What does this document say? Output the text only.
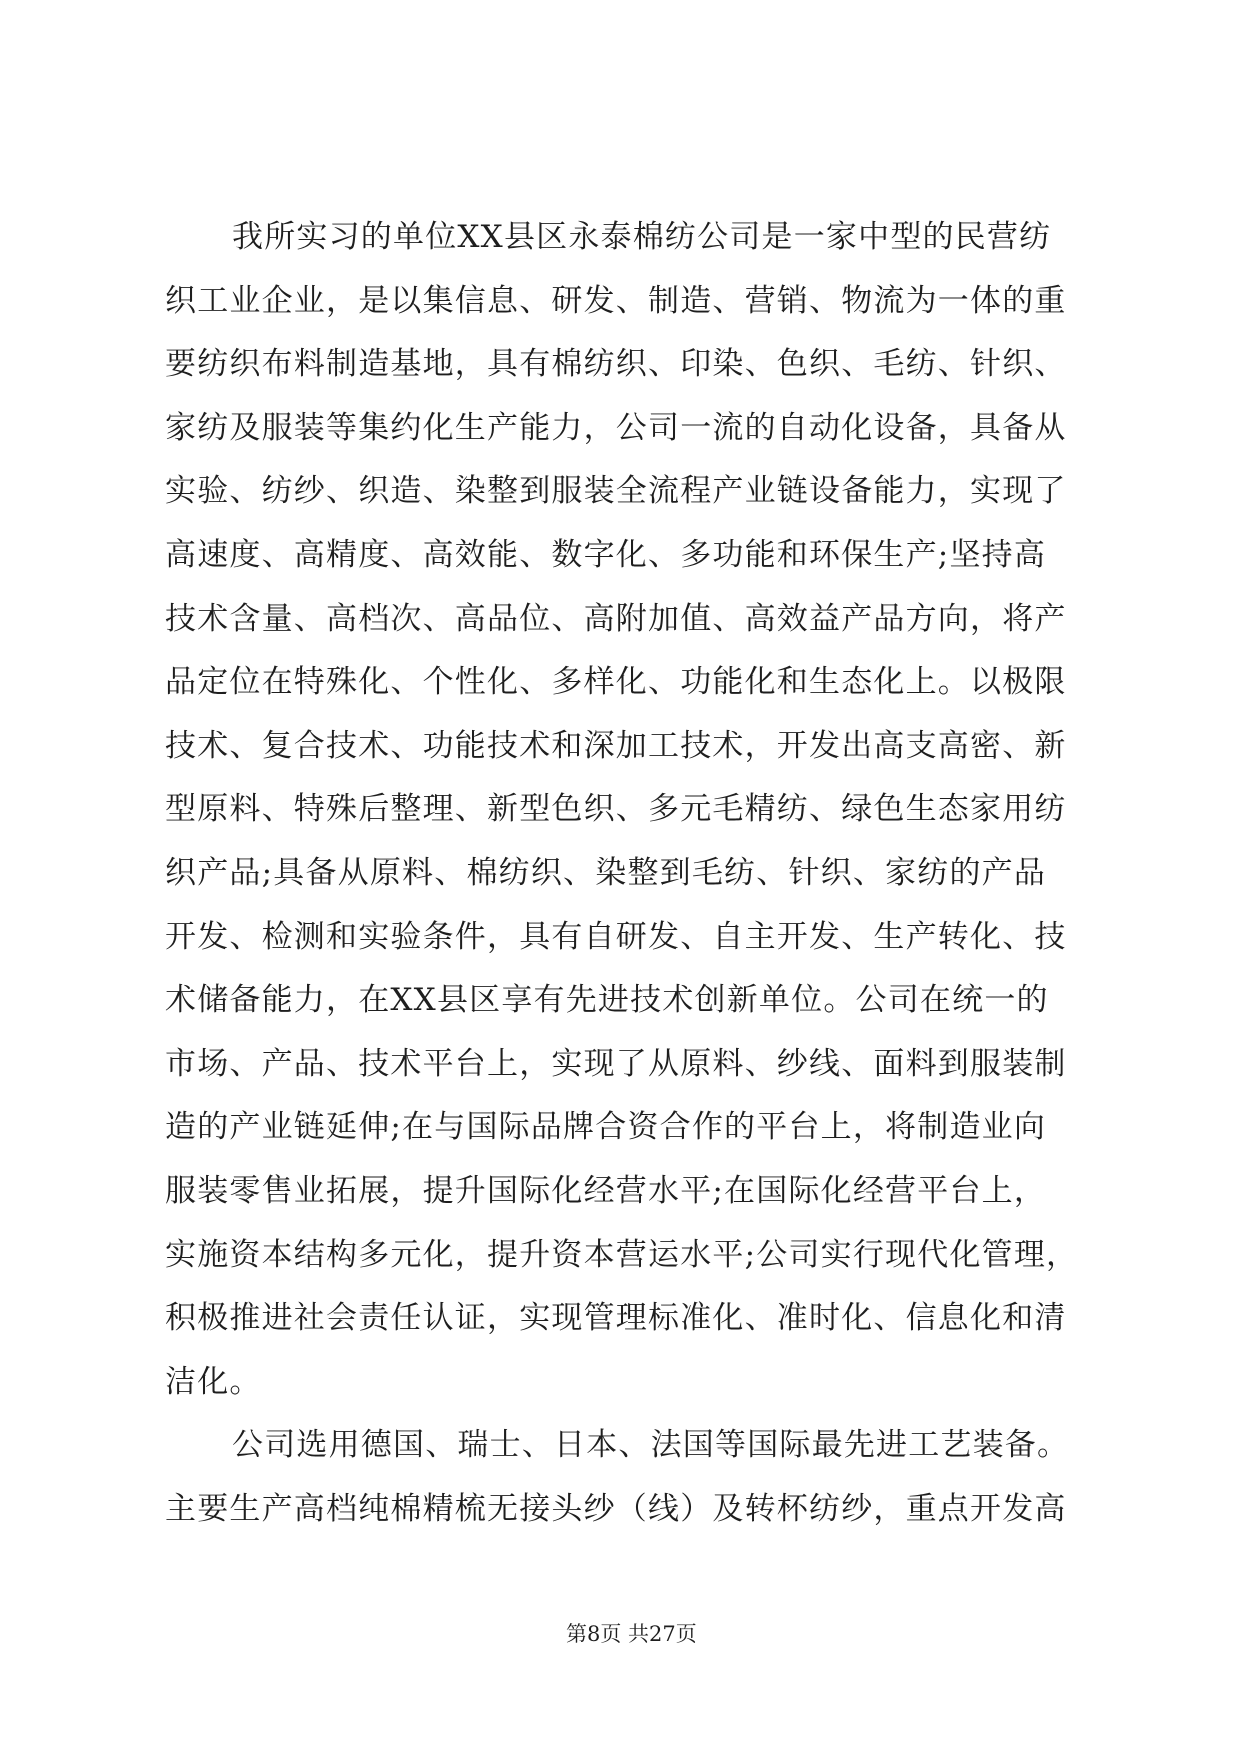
我所实习的单位XX县区永泰棉纺公司是一家中型的民营纺
织工业企业，是以集信息、研发、制造、营销、物流为一体的重
要纺织布料制造基地，具有棉纺织、印染、色织、毛纺、针织、
家纺及服装等集约化生产能力，公司一流的自动化设备，具备从
实验、纺纱、织造、染整到服装全流程产业链设备能力，实现了
高速度、高精度、高效能、数字化、多功能和环保生产;坚持高
技术含量、高档次、高品位、高附加值、高效益产品方向，将产
品定位在特殊化、个性化、多样化、功能化和生态化上。以极限
技术、复合技术、功能技术和深加工技术，开发出高支高密、新
型原料、特殊后整理、新型色织、多元毛精纺、绿色生态家用纺
织产品;具备从原料、棉纺织、染整到毛纺、针织、家纺的产品
开发、检测和实验条件，具有自研发、自主开发、生产转化、技
术储备能力，在XX县区享有先进技术创新单位。公司在统一的
市场、产品、技术平台上，实现了从原料、纱线、面料到服装制
造的产业链延伸;在与国际品牌合资合作的平台上，将制造业向
服装零售业拓展，提升国际化经营水平;在国际化经营平台上，
实施资本结构多元化，提升资本营运水平;公司实行现代化管理，
积极推进社会责任认证，实现管理标准化、准时化、信息化和清
洁化。
公司选用德国、瑞士、日本、法国等国际最先进工艺装备。
主要生产高档纯棉精梳无接头纱（线）及转杯纺纱，重点开发高
第8页 共27页
